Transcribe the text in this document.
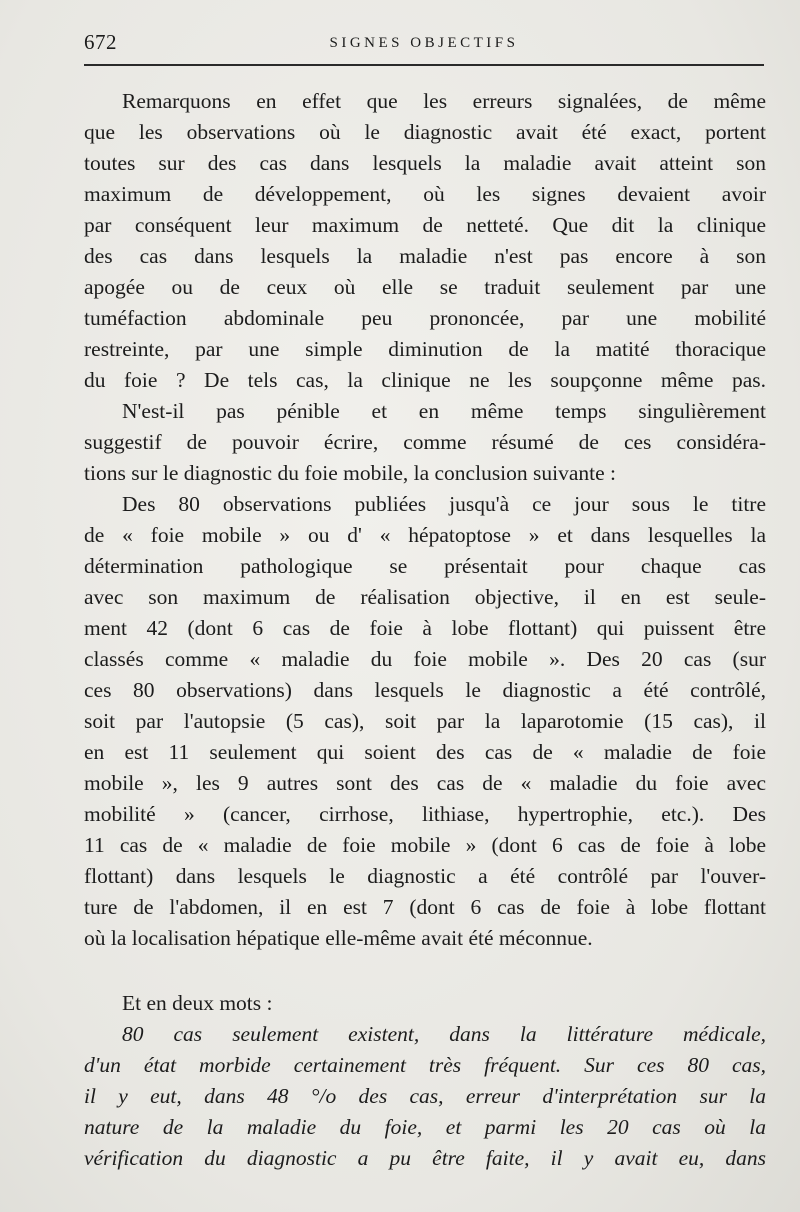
672	SIGNES OBJECTIFS
Remarquons en effet que les erreurs signalées, de même
que les observations où le diagnostic avait été exact, portent
toutes sur des cas dans lesquels la maladie avait atteint son
maximum de développement, où les signes devaient avoir
par conséquent leur maximum de netteté. Que dit la clinique
des cas dans lesquels la maladie n'est pas encore à son
apogée ou de ceux où elle se traduit seulement par une
tuméfaction abdominale peu prononcée, par une mobilité
restreinte, par une simple diminution de la matité thoracique
du foie ? De tels cas, la clinique ne les soupçonne même pas.
N'est-il pas pénible et en même temps singulièrement
suggestif de pouvoir écrire, comme résumé de ces considéra-
tions sur le diagnostic du foie mobile, la conclusion suivante :
Des 80 observations publiées jusqu'à ce jour sous le titre
de « foie mobile » ou d' « hépatoptose » et dans lesquelles la
détermination pathologique se présentait pour chaque cas
avec son maximum de réalisation objective, il en est seule-
ment 42 (dont 6 cas de foie à lobe flottant) qui puissent être
classés comme « maladie du foie mobile ». Des 20 cas (sur
ces 80 observations) dans lesquels le diagnostic a été contrôlé,
soit par l'autopsie (5 cas), soit par la laparotomie (15 cas), il
en est 11 seulement qui soient des cas de « maladie de foie
mobile », les 9 autres sont des cas de « maladie du foie avec
mobilité » (cancer, cirrhose, lithiase, hypertrophie, etc.). Des
11 cas de « maladie de foie mobile » (dont 6 cas de foie à lobe
flottant) dans lesquels le diagnostic a été contrôlé par l'ouver-
ture de l'abdomen, il en est 7 (dont 6 cas de foie à lobe flottant
où la localisation hépatique elle-même avait été méconnue.
Et en deux mots :
80 cas seulement existent, dans la littérature médicale,
d'un état morbide certainement très fréquent. Sur ces 80 cas,
il y eut, dans 48 °/o des cas, erreur d'interprétation sur la
nature de la maladie du foie, et parmi les 20 cas où la
vérification du diagnostic a pu être faite, il y avait eu, dans
